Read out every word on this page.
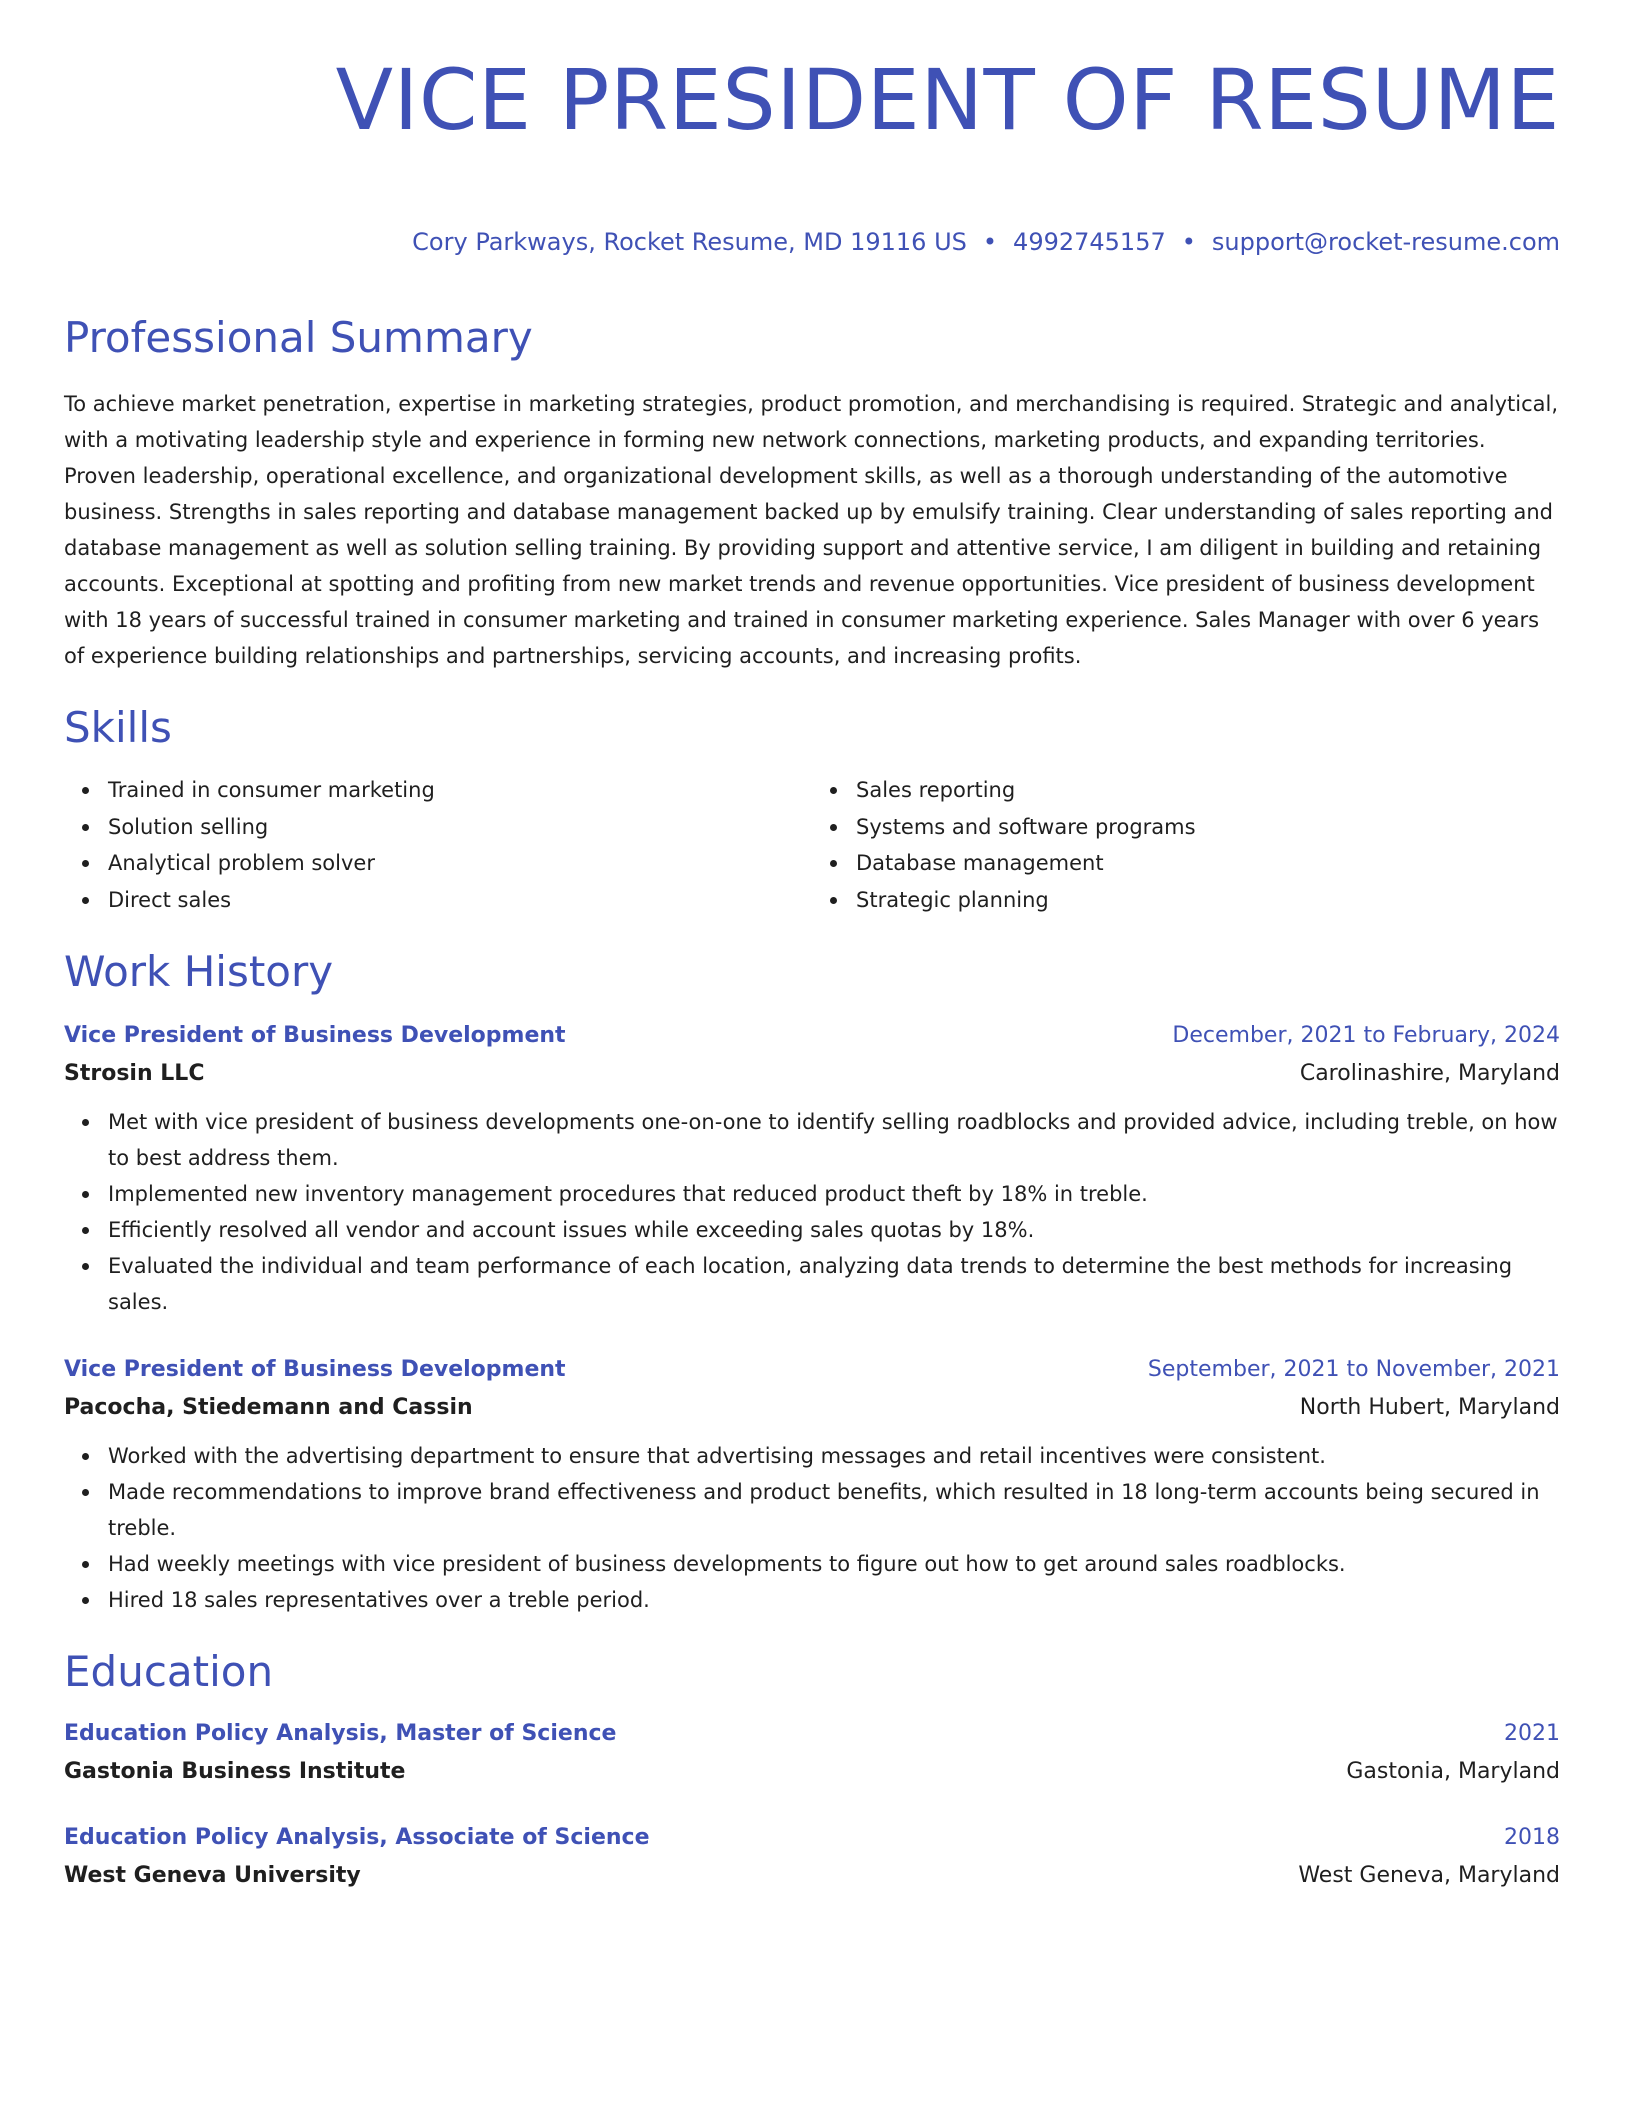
VICE PRESIDENT OF RESUME
Cory Parkways, Rocket Resume, MD 19116 US • 4992745157 • support@rocket-resume.com
Professional Summary

To achieve market penetration, expertise in marketing strategies, product promotion, and merchandising is required. Strategic and analytical, with a motivating leadership style and experience in forming new network connections, marketing products, and expanding territories. Proven leadership, operational excellence, and organizational development skills, as well as a thorough understanding of the automotive business. Strengths in sales reporting and database management backed up by emulsify training. Clear understanding of sales reporting and database management as well as solution selling training. By providing support and attentive service, I am diligent in building and retaining accounts. Exceptional at spotting and profiting from new market trends and revenue opportunities. Vice president of business development with 18 years of successful trained in consumer marketing and trained in consumer marketing experience. Sales Manager with over 6 years of experience building relationships and partnerships, servicing accounts, and increasing profits.

Skills
Trained in consumer marketing
Solution selling
Analytical problem solver
Direct sales
Sales reporting
Systems and software programs
Database management
Strategic planning
Work History
Vice President of Business Development	December, 2021 to February, 2024
Strosin LLC	Carolinashire, Maryland
Met with vice president of business developments one-on-one to identify selling roadblocks and provided advice, including treble, on how to best address them.
Implemented new inventory management procedures that reduced product theft by 18% in treble.
Efficiently resolved all vendor and account issues while exceeding sales quotas by 18%.
Evaluated the individual and team performance of each location, analyzing data trends to determine the best methods for increasing sales.
Vice President of Business Development	September, 2021 to November, 2021
Pacocha, Stiedemann and Cassin	North Hubert, Maryland
Worked with the advertising department to ensure that advertising messages and retail incentives were consistent.
Made recommendations to improve brand effectiveness and product benefits, which resulted in 18 long-term accounts being secured in treble.
Had weekly meetings with vice president of business developments to figure out how to get around sales roadblocks.
Hired 18 sales representatives over a treble period.
Education
Education Policy Analysis, Master of Science	2021
Gastonia Business Institute	Gastonia, Maryland
Education Policy Analysis, Associate of Science	2018
West Geneva University	West Geneva, Maryland
